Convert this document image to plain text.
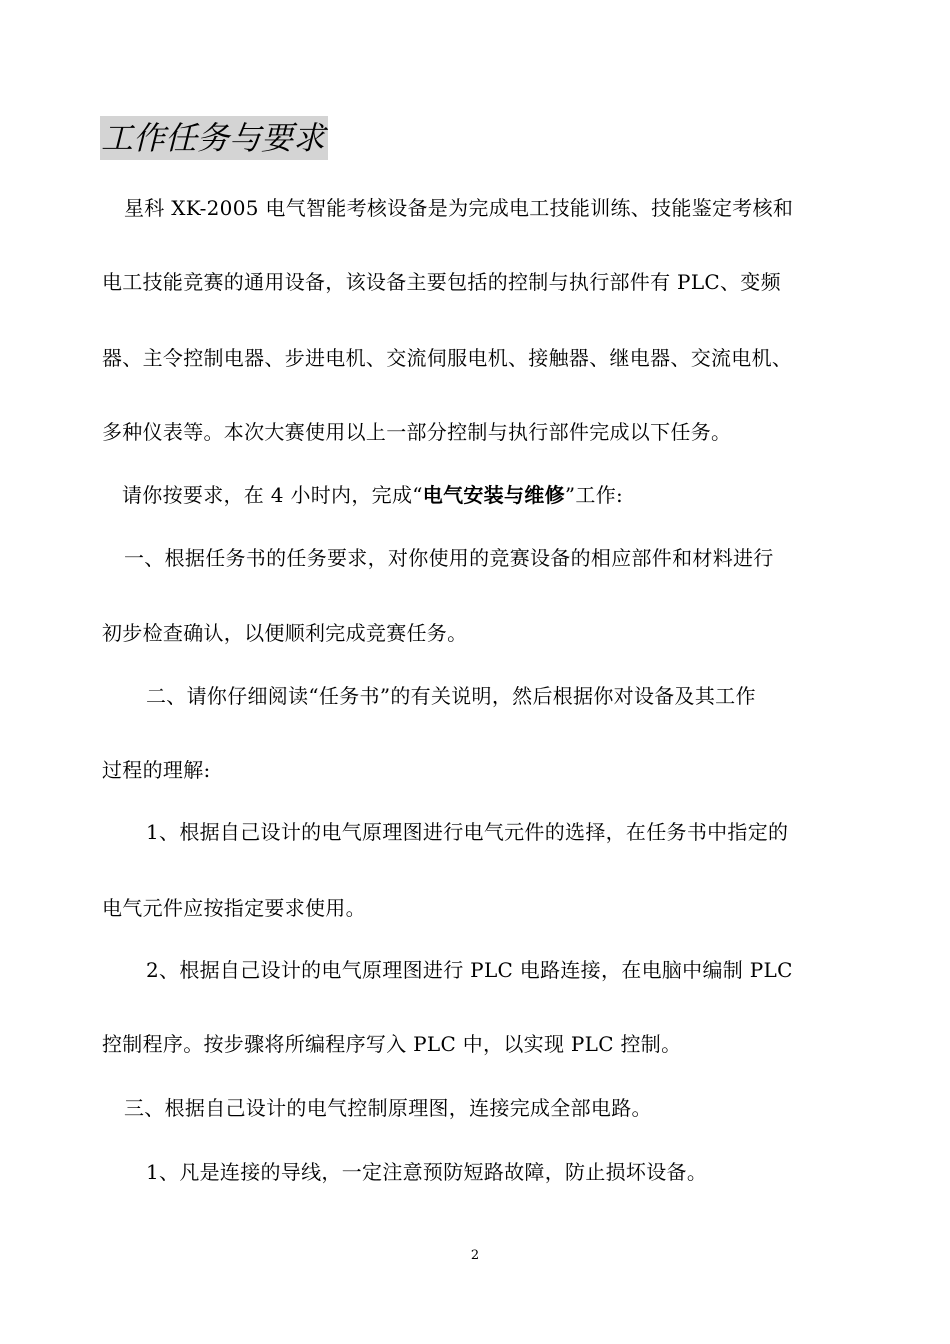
工作任务与要求
星科 XK-2005 电气智能考核设备是为完成电工技能训练、技能鉴定考核和
电工技能竞赛的通用设备，该设备主要包括的控制与执行部件有 PLC、变频
器、主令控制电器、步进电机、交流伺服电机、接触器、继电器、交流电机、
多种仪表等。本次大赛使用以上一部分控制与执行部件完成以下任务。
请你按要求，在 4 小时内，完成“电气安装与维修”工作:
一、根据任务书的任务要求，对你使用的竞赛设备的相应部件和材料进行
初步检查确认，以便顺利完成竞赛任务。
二、请你仔细阅读“任务书”的有关说明，然后根据你对设备及其工作
过程的理解:
1、根据自己设计的电气原理图进行电气元件的选择，在任务书中指定的
电气元件应按指定要求使用。
2、根据自己设计的电气原理图进行 PLC 电路连接，在电脑中编制 PLC
控制程序。按步骤将所编程序写入 PLC 中，以实现 PLC 控制。
三、根据自己设计的电气控制原理图，连接完成全部电路。
1、凡是连接的导线，一定注意预防短路故障，防止损坏设备。
2
